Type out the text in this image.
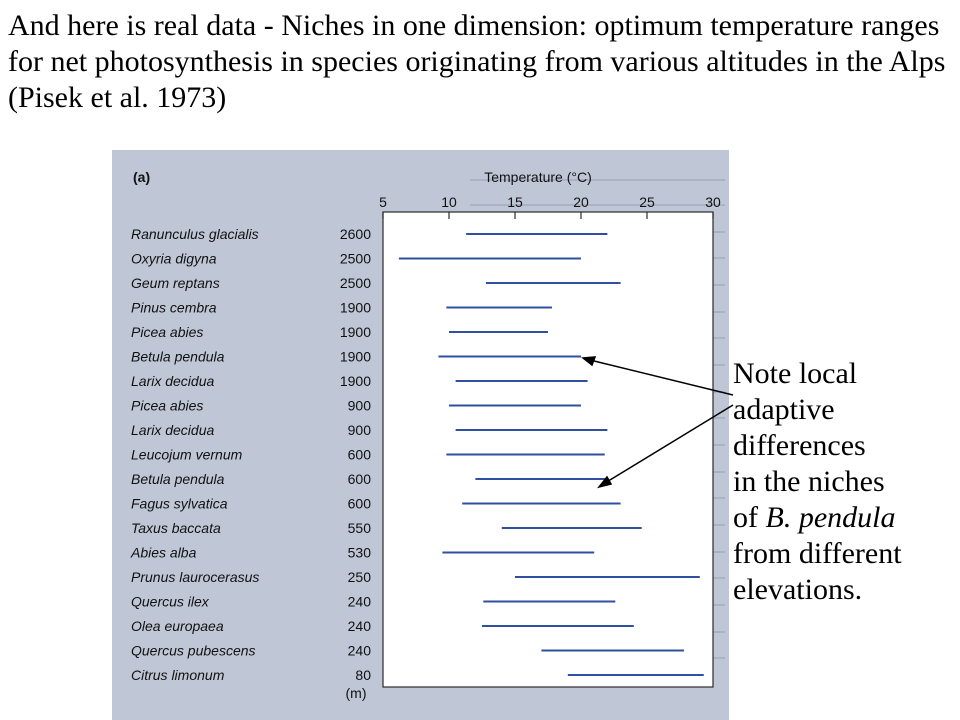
And here is real data - Niches in one dimension: optimum temperature ranges for net photosynthesis in species originating from various altitudes in the Alps (Pisek et al. 1973)
(a)	Temperature (°C)
(m)
5	10	15	20	25	30
Ranunculus glacialis	2600
Oxyria digyna	2500
Geum reptans	2500
Pinus cembra	1900
Picea abies	1900
Betula pendula	1900
Larix decidua	1900
Picea abies	900
Larix decidua	900
Leucojum vernum	600
Betula pendula	600
Fagus sylvatica	600
Taxus baccata	550
Abies alba	530
Prunus laurocerasus	250
Quercus ilex	240
Olea europaea	240
Quercus pubescens	240
Citrus limonum	80
Note local
adaptive
differences
in the niches
of B. pendula
from different
elevations.
